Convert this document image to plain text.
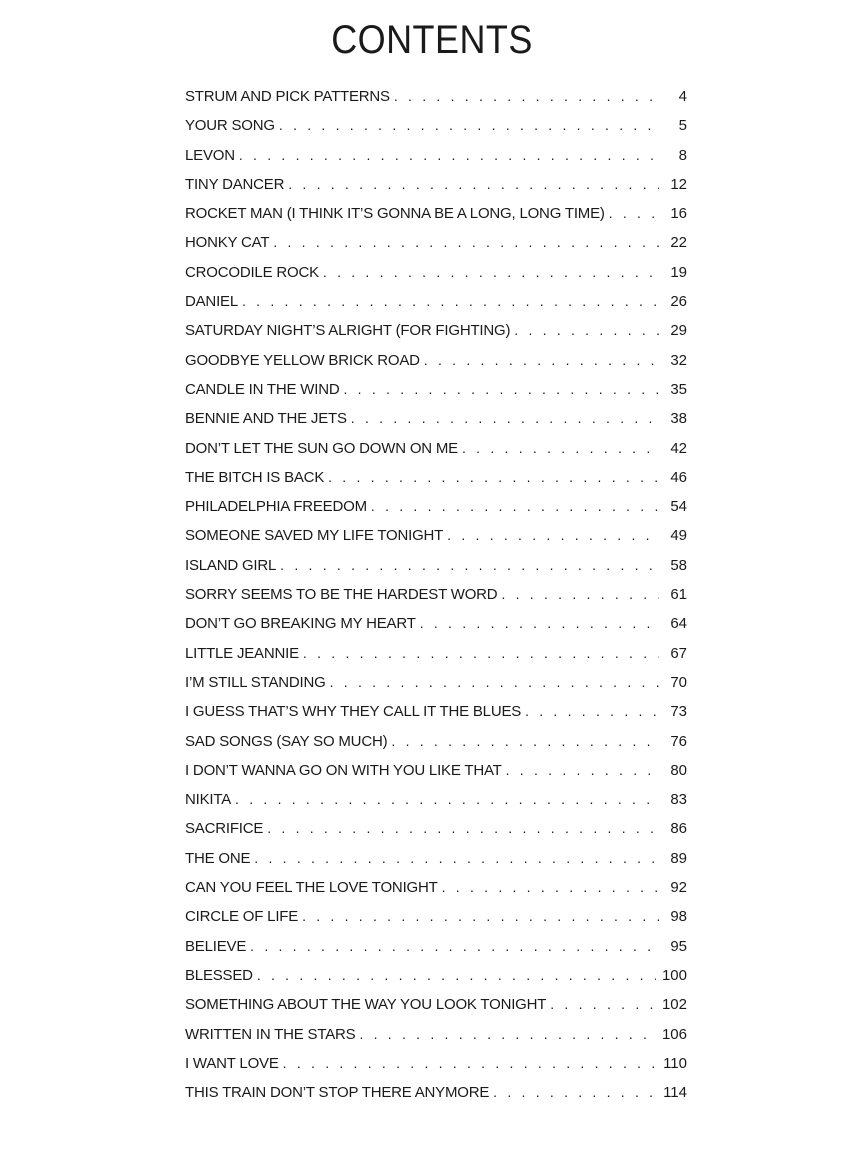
CONTENTS
STRUM AND PICK PATTERNS . . .	4
YOUR SONG . . .	5
LEVON . . .	8
TINY DANCER . . .	12
ROCKET MAN (I THINK IT’S GONNA BE A LONG, LONG TIME) . . .	16
HONKY CAT . . .	22
CROCODILE ROCK . . .	19
DANIEL . . .	26
SATURDAY NIGHT’S ALRIGHT (FOR FIGHTING) . . .	29
GOODBYE YELLOW BRICK ROAD . . .	32
CANDLE IN THE WIND . . .	35
BENNIE AND THE JETS . . .	38
DON’T LET THE SUN GO DOWN ON ME . . .	42
THE BITCH IS BACK . . .	46
PHILADELPHIA FREEDOM . . .	54
SOMEONE SAVED MY LIFE TONIGHT . . .	49
ISLAND GIRL . . .	58
SORRY SEEMS TO BE THE HARDEST WORD . . .	61
DON’T GO BREAKING MY HEART . . .	64
LITTLE JEANNIE . . .	67
I’M STILL STANDING . . .	70
I GUESS THAT’S WHY THEY CALL IT THE BLUES . . .	73
SAD SONGS (SAY SO MUCH) . . .	76
I DON’T WANNA GO ON WITH YOU LIKE THAT . . .	80
NIKITA . . .	83
SACRIFICE . . .	86
THE ONE . . .	89
CAN YOU FEEL THE LOVE TONIGHT . . .	92
CIRCLE OF LIFE . . .	98
BELIEVE . . .	95
BLESSED . . .	100
SOMETHING ABOUT THE WAY YOU LOOK TONIGHT . . .	102
WRITTEN IN THE STARS . . .	106
I WANT LOVE . . .	110
THIS TRAIN DON’T STOP THERE ANYMORE . . .	114
